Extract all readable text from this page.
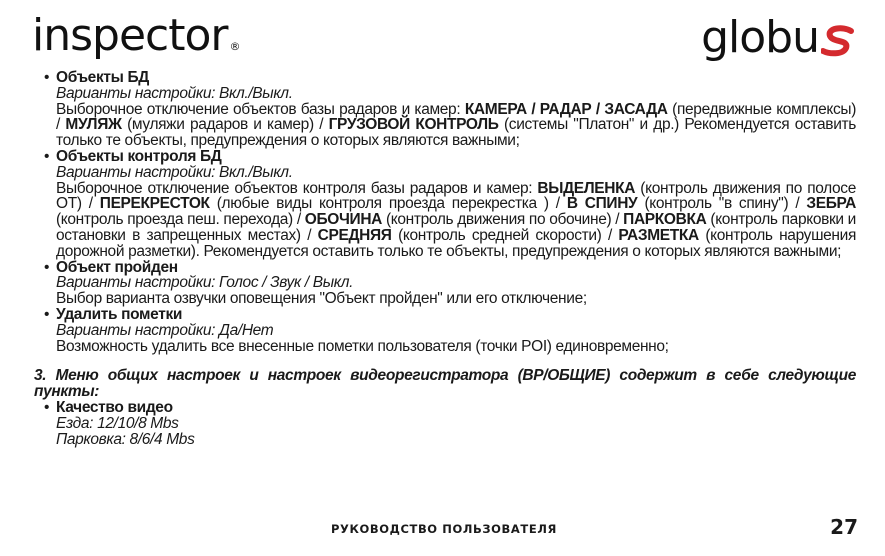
inspector ®	globu
• Объекты БД
Варианты настройки: Вкл./Выкл.
Выборочное отключение объектов базы радаров и камер: КАМЕРА / РАДАР / ЗАСАДА (передвижные комплексы) / МУЛЯЖ (муляжи радаров и камер) / ГРУЗОВОЙ КОНТРОЛЬ (системы "Платон" и др.) Рекомендуется оставить только те объекты, предупреждения о которых являются важными;
• Объекты контроля БД
Варианты настройки: Вкл./Выкл.
Выборочное отключение объектов контроля базы радаров и камер: ВЫДЕЛЕНКА (контроль движения по полосе ОТ) / ПЕРЕКРЕСТОК (любые виды контроля проезда перекрестка ) / В СПИНУ (контроль "в спину") / ЗЕБРА (контроль проезда пеш. перехода) / ОБОЧИНА (контроль движения по обочине) / ПАРКОВКА (контроль парковки и остановки в запрещенных местах) / СРЕДНЯЯ (контроль средней скорости) / РАЗМЕТКА (контроль нарушения дорожной разметки). Рекомендуется оставить только те объекты, предупреждения о которых являются важными;
• Объект пройден
Варианты настройки: Голос / Звук / Выкл.
Выбор варианта озвучки оповещения "Объект пройден" или его отключение;
• Удалить пометки
Варианты настройки: Да/Нет
Возможность удалить все внесенные пометки пользователя (точки POI) единовременно;
3. Меню общих настроек и настроек видеорегистратора (ВР/ОБЩИЕ) содержит в себе следующие пункты:
• Качество видео
Езда: 12/10/8 Mbs
Парковка: 8/6/4 Mbs
РУКОВОДСТВО ПОЛЬЗОВАТЕЛЯ	27
